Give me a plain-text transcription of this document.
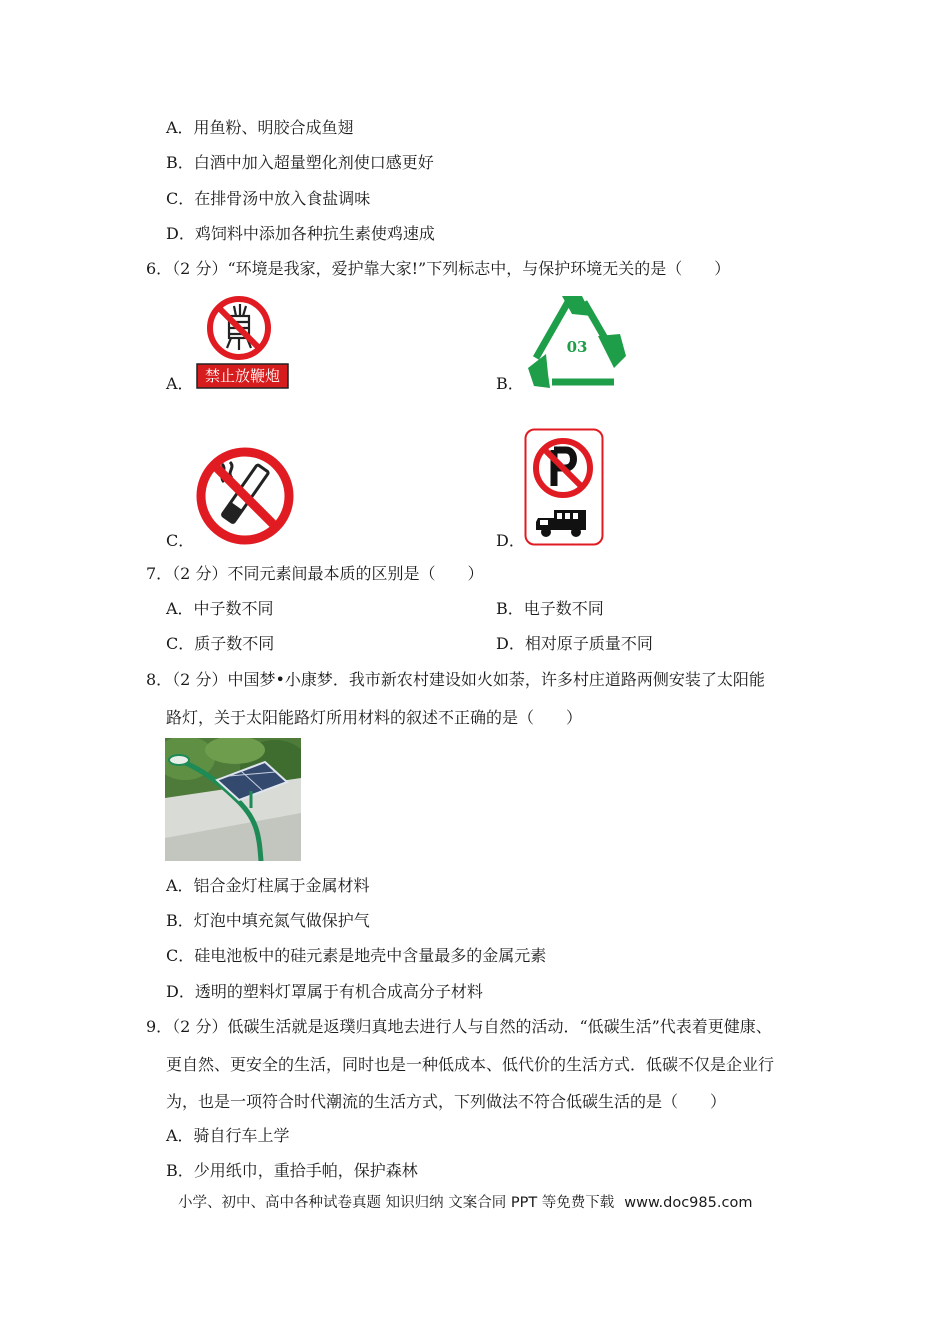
A．用鱼粉、明胶合成鱼翅
B．白酒中加入超量塑化剂使口感更好
C．在排骨汤中放入食盐调味
D．鸡饲料中添加各种抗生素使鸡速成
6．（2 分）“环境是我家，爱护靠大家!”下列标志中，与保护环境无关的是（　　）
禁止放鞭炮
A．
03
B．
C．	D．
7．（2 分）不同元素间最本质的区别是（　　）
A．中子数不同	B．电子数不同
C．质子数不同	D．相对原子质量不同
8．（2 分）中国梦•小康梦．我市新农村建设如火如荼，许多村庄道路两侧安装了太阳能
路灯，关于太阳能路灯所用材料的叙述不正确的是（　　）
A．铝合金灯柱属于金属材料
B．灯泡中填充氮气做保护气
C．硅电池板中的硅元素是地壳中含量最多的金属元素
D．透明的塑料灯罩属于有机合成高分子材料
9．（2 分）低碳生活就是返璞归真地去进行人与自然的活动．“低碳生活”代表着更健康、
更自然、更安全的生活，同时也是一种低成本、低代价的生活方式．低碳不仅是企业行
为，也是一项符合时代潮流的生活方式，下列做法不符合低碳生活的是（　　）
A．骑自行车上学
B．少用纸巾，重拾手帕，保护森林
小学、初中、高中各种试卷真题 知识归纳 文案合同 PPT 等免费下载 www.doc985.com
